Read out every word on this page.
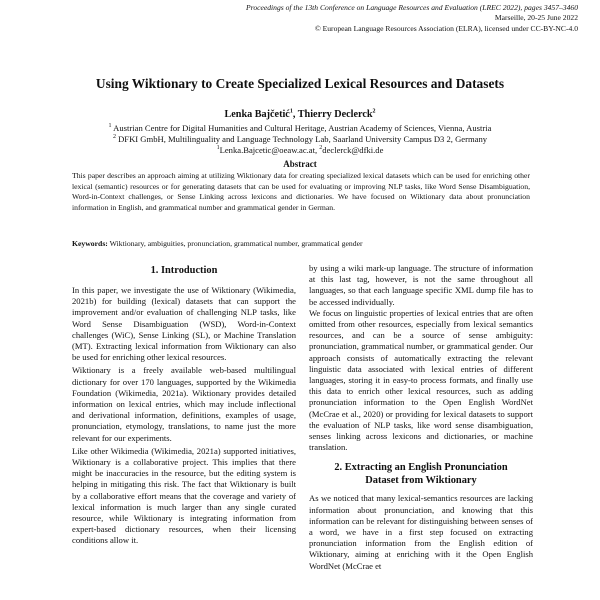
Proceedings of the 13th Conference on Language Resources and Evaluation (LREC 2022), pages 3457–3460
Marseille, 20-25 June 2022
© European Language Resources Association (ELRA), licensed under CC-BY-NC-4.0
Using Wiktionary to Create Specialized Lexical Resources and Datasets
Lenka Bajčetić$^1$, Thierry Declerck$^2$
$^1$ Austrian Centre for Digital Humanities and Cultural Heritage, Austrian Academy of Sciences, Vienna, Austria
$^2$ DFKI GmbH, Multilinguality and Language Technology Lab, Saarland University Campus D3 2, Germany
$^1$Lenka.Bajcetic@oeaw.ac.at, $^2$declerck@dfki.de
Abstract

This paper describes an approach aiming at utilizing Wiktionary data for creating specialized lexical datasets which can be used for enriching other lexical (semantic) resources or for generating datasets that can be used for evaluating or improving NLP tasks, like Word Sense Disambiguation, Word-in-Context challenges, or Sense Linking across lexicons and dictionaries. We have focused on Wiktionary data about pronunciation information in English, and grammatical number and grammatical gender in German.

Keywords: Wiktionary, ambiguities, pronunciation, grammatical number, grammatical gender

1. Introduction

In this paper, we investigate the use of Wiktionary (Wikimedia, 2021b) for building (lexical) datasets that can support the improvement and/or evaluation of challenging NLP tasks, like Word Sense Disambiguation (WSD), Word-in-Context challenges (WiC), Sense Linking (SL), or Machine Translation (MT). Extracting lexical information from Wiktionary can also be used for enriching other lexical resources.

Wiktionary is a freely available web-based multilingual dictionary for over 170 languages, supported by the Wikimedia Foundation (Wikimedia, 2021a). Wiktionary provides detailed information on lexical entries, which may include inflectional and derivational information, definitions, examples of usage, pronunciation, etymology, translations, to name just the more relevant for our experiments.

Like other Wikimedia (Wikimedia, 2021a) supported initiatives, Wiktionary is a collaborative project. This implies that there might be inaccuracies in the resource, but the editing system is helping in mitigating this risk. The fact that Wiktionary is built by a collaborative effort means that the coverage and variety of lexical information is much larger than any single curated resource, while Wiktionary is integrating information from expert-based dictionary resources, when their licensing conditions allow it.

by using a wiki mark-up language. The structure of information at this last tag, however, is not the same throughout all languages, so that each language specific XML dump file has to be accessed individually.

We focus on linguistic properties of lexical entries that are often omitted from other resources, especially from lexical semantics resources, and can be a source of sense ambiguity: pronunciation, grammatical number, or grammatical gender. Our approach consists of automatically extracting the relevant linguistic data associated with lexical entries of different languages, storing it in easy-to process formats, and finally use this data to enrich other lexical resources, such as adding pronunciation information to the Open English WordNet (McCrae et al., 2020) or providing for lexical datasets to support the evaluation of NLP tasks, like word sense disambiguation, senses linking across lexicons and dictionaries, or machine translation.

2. Extracting an English Pronunciation
Dataset from Wiktionary

As we noticed that many lexical-semantics resources are lacking information about pronunciation, and knowing that this information can be relevant for distinguishing between senses of a word, we have in a first step focused on extracting pronunciation information from the English edition of Wiktionary, aiming at enriching with it the Open English WordNet (McCrae et
